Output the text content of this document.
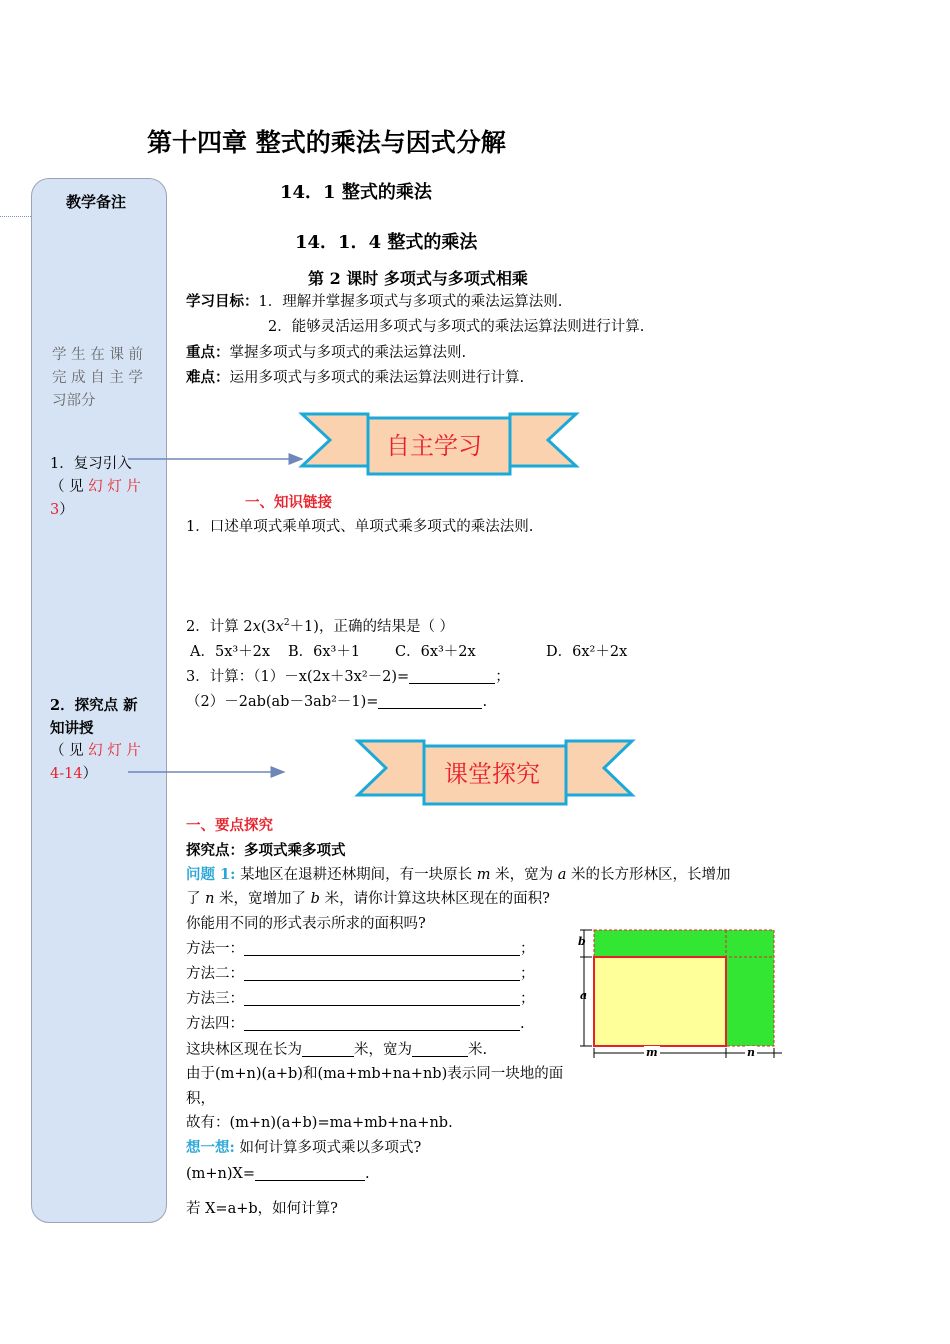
第十四章 整式的乘法与因式分解
教学备注
学 生 在 课 前
完 成 自 主 学
习部分
1．复习引入
（ 见 幻 灯 片
3）
2．探究点 新
知讲授
（ 见 幻 灯 片
4-14）
14．1 整式的乘法
14．1．4 整式的乘法
第 2 课时 多项式与多项式相乘
学习目标：1．理解并掌握多项式与多项式的乘法运算法则.
2．能够灵活运用多项式与多项式的乘法运算法则进行计算.
重点：掌握多项式与多项式的乘法运算法则.
难点：运用多项式与多项式的乘法运算法则进行计算.
自主学习
一、知识链接
1．口述单项式乘单项式、单项式乘多项式的乘法法则.
2．计算 $2x(3x^2+1)$，正确的结果是（ ）
A．5x³＋2x B．6x³＋1 C．6x³＋2x	D．6x²＋2x
3．计算：（1）－x(2x＋3x²－2)=	；
（2）－2ab(ab－3ab²－1)=	.
课堂探究
一、要点探究
探究点：多项式乘多项式
问题 1: 某地区在退耕还林期间，有一块原长 m 米，宽为 a 米的长方形林区，长增加
了 n 米，宽增加了 b 米，请你计算这块林区现在的面积?
你能用不同的形式表示所求的面积吗?
方法一：	；
方法二：	；
方法三：	；
方法四：	.
这块林区现在长为	米，宽为	米.
由于(m+n)(a+b)和(ma+mb+na+nb)表示同一块地的面
积，
故有：(m+n)(a+b)=ma+mb+na+nb.
想一想: 如何计算多项式乘以多项式?
(m+n)X=	.
若 X=a+b，如何计算?
b
a
m	n
